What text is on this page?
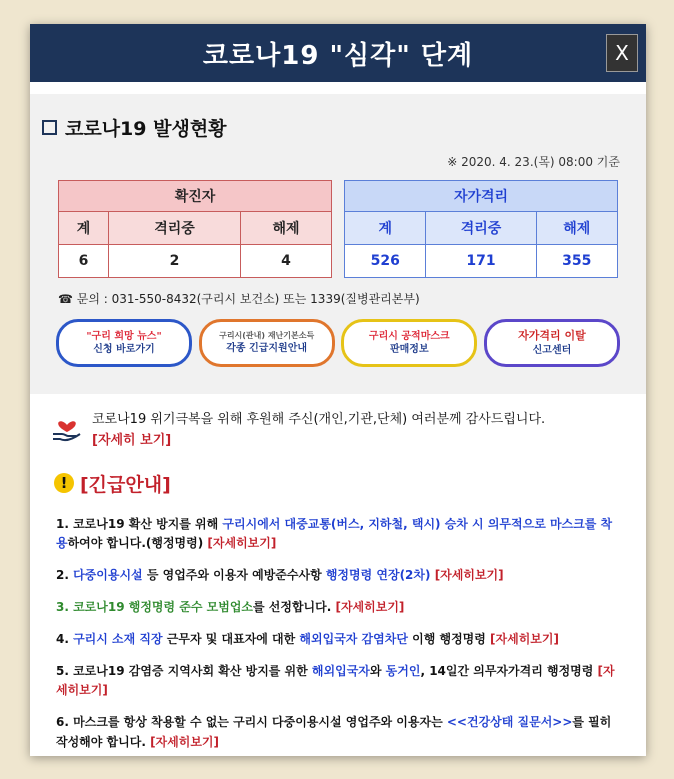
코로나19 "심각" 단계	X
코로나19 발생현황
※ 2020. 4. 23.(목) 08:00 기준
확진자		
계	격리중	해제
6	2	4
자가격리		
계	격리중	해제
526	171	355
☎ 문의 : 031-550-8432(구리시 보건소) 또는 1339(질병관리본부)
"구리 희망 뉴스"
신청 바로가기
구리시(관내) 재난기본소득
각종 긴급지원안내
구리시 공적마스크
판매정보
자가격리 이탈
신고센터
코로나19 위기극복을 위해 후원해 주신(개인,기관,단체) 여러분께 감사드립니다.
[자세히 보기]
! [긴급안내]
1. 코로나19 확산 방지를 위해 구리시에서 대중교통(버스, 지하철, 택시) 승차 시 의무적으로 마스크를 착용하여야 합니다.(행정명령) [자세히보기]
2. 다중이용시설 등 영업주와 이용자 예방준수사항 행정명령 연장(2차) [자세히보기]
3. 코로나19 행정명령 준수 모범업소를 선정합니다. [자세히보기]
4. 구리시 소재 직장 근무자 및 대표자에 대한 해외입국자 감염차단 이행 행정명령 [자세히보기]
5. 코로나19 감염증 지역사회 확산 방지를 위한 해외입국자와 동거인, 14일간 의무자가격리 행정명령 [자세히보기]
6. 마스크를 항상 착용할 수 없는 구리시 다중이용시설 영업주와 이용자는 <<건강상태 질문서>>를 필히 작성해야 합니다. [자세히보기]
